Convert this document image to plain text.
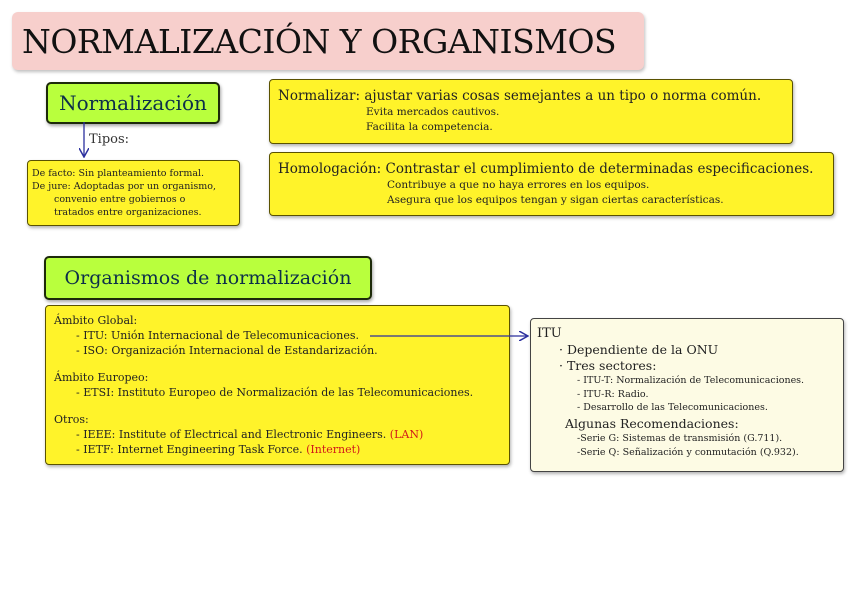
NORMALIZACIÓN Y ORGANISMOS
Normalización
Tipos:
De facto: Sin planteamiento formal.
De jure: Adoptadas por un organismo,
convenio entre gobiernos o
tratados entre organizaciones.
Normalizar: ajustar varias cosas semejantes a un tipo o norma común.
Evita mercados cautivos.
Facilita la competencia.
Homologación: Contrastar el cumplimiento de determinadas especificaciones.
Contribuye a que no haya errores en los equipos.
Asegura que los equipos tengan y sigan ciertas características.
Organismos de normalización
Ámbito Global:
- ITU: Unión Internacional de Telecomunicaciones.
- ISO: Organización Internacional de Estandarización.
Ámbito Europeo:
- ETSI: Instituto Europeo de Normalización de las Telecomunicaciones.
Otros:
- IEEE: Institute of Electrical and Electronic Engineers. (LAN)
- IETF: Internet Engineering Task Force. (Internet)
ITU
· Dependiente de la ONU
· Tres sectores:
- ITU-T: Normalización de Telecomunicaciones.
- ITU-R: Radio.
- Desarrollo de las Telecomunicaciones.
Algunas Recomendaciones:
-Serie G: Sistemas de transmisión (G.711).
-Serie Q: Señalización y conmutación (Q.932).
